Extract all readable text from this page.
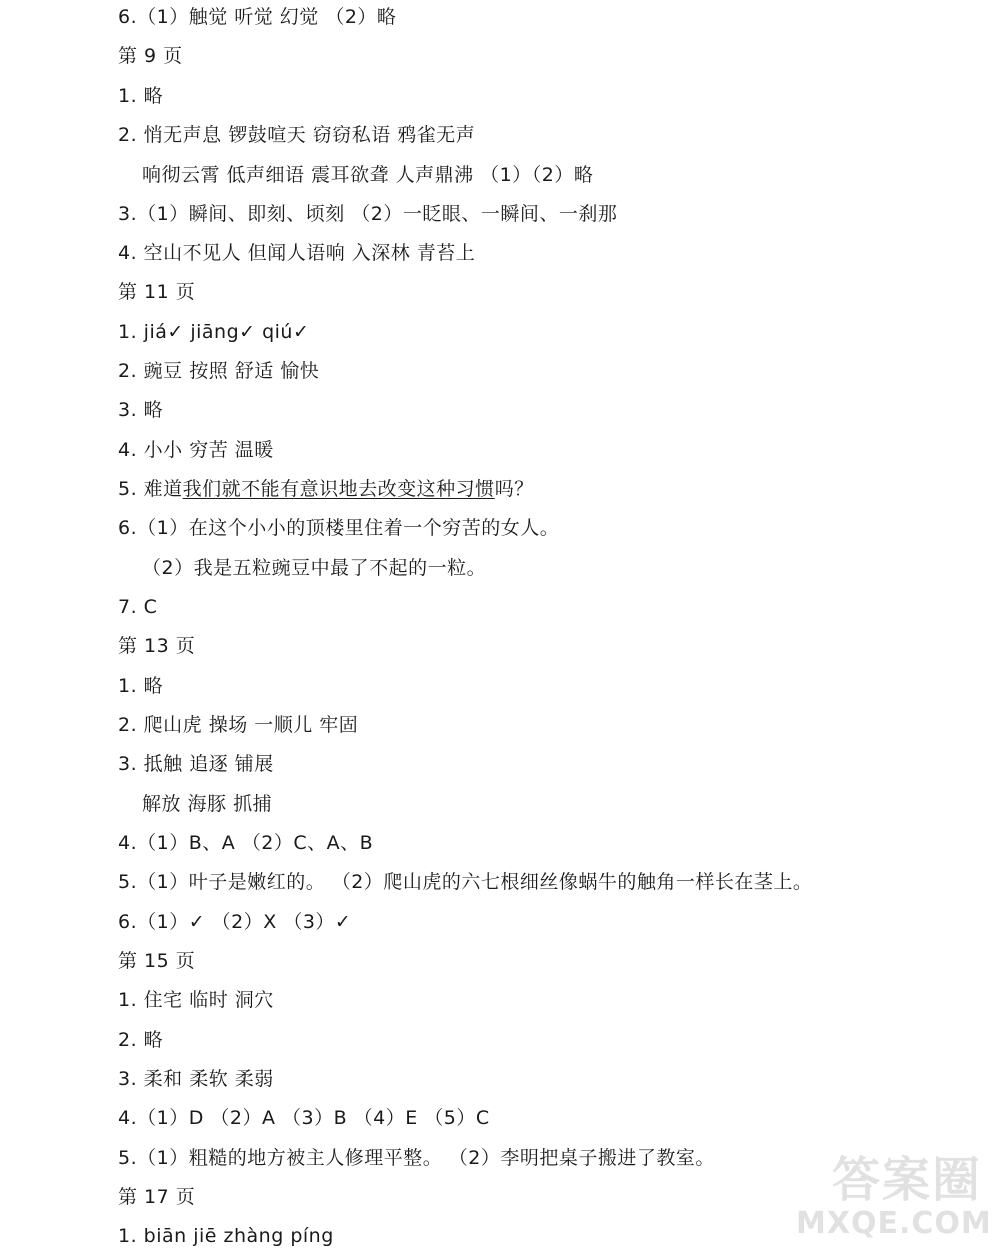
6.（1）触觉 听觉 幻觉 （2）略
第 9 页
1. 略
2. 悄无声息 锣鼓喧天 窃窃私语 鸦雀无声
响彻云霄 低声细语 震耳欲聋 人声鼎沸 （1）（2）略
3.（1）瞬间、即刻、顷刻 （2）一眨眼、一瞬间、一刹那
4. 空山不见人 但闻人语响 入深林 青苔上
第 11 页
1. jiá✓ jiāng✓ qiú✓
2. 豌豆 按照 舒适 愉快
3. 略
4. 小小 穷苦 温暖
5. 难道我们就不能有意识地去改变这种习惯吗？
6.（1）在这个小小的顶楼里住着一个穷苦的女人。
（2）我是五粒豌豆中最了不起的一粒。
7. C
第 13 页
1. 略
2. 爬山虎 操场 一顺儿 牢固
3. 抵触 追逐 铺展
解放 海豚 抓捕
4.（1）B、A （2）C、A、B
5.（1）叶子是嫩红的。 （2）爬山虎的六七根细丝像蜗牛的触角一样长在茎上。
6.（1）✓ （2）X （3）✓
第 15 页
1. 住宅 临时 洞穴
2. 略
3. 柔和 柔软 柔弱
4.（1）D （2）A （3）B （4）E （5）C
5.（1）粗糙的地方被主人修理平整。 （2）李明把桌子搬进了教室。
第 17 页
1. biān jiē zhàng píng
答案圈
MXQE.COM
